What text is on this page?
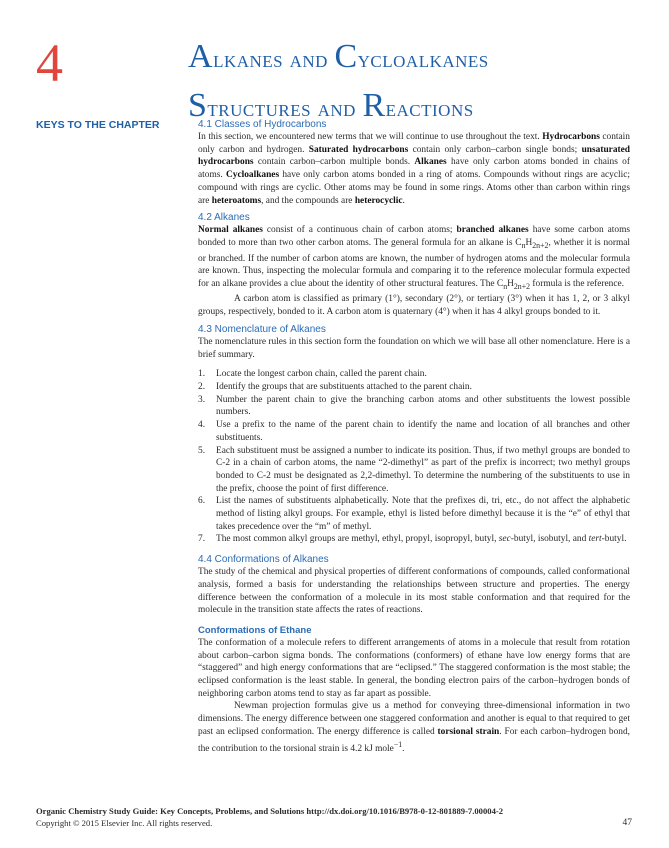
4	Alkanes and Cycloalkanes
Structures and Reactions
KEYS TO THE CHAPTER	4.1 Classes of Hydrocarbons

In this section, we encountered new terms that we will continue to use throughout the text. Hydrocarbons contain only carbon and hydrogen. Saturated hydrocarbons contain only carbon–carbon single bonds; unsaturated hydrocarbons contain carbon–carbon multiple bonds. Alkanes have only carbon atoms bonded in chains of atoms. Cycloalkanes have only carbon atoms bonded in a ring of atoms. Compounds without rings are acyclic; compound with rings are cyclic. Other atoms may be found in some rings. Atoms other than carbon within rings are heteroatoms, and the compounds are heterocyclic.

4.2 Alkanes

Normal alkanes consist of a continuous chain of carbon atoms; branched alkanes have some carbon atoms bonded to more than two other carbon atoms. The general formula for an alkane is $C_nH_{2n+2}$, whether it is normal or branched. If the number of carbon atoms are known, the number of hydrogen atoms and the molecular formula are known. Thus, inspecting the molecular formula and comparing it to the reference molecular formula expected for an alkane provides a clue about the identity of other structural features. The $C_nH_{2n+2}$ formula is the reference.

A carbon atom is classified as primary (1°), secondary (2°), or tertiary (3°) when it has 1, 2, or 3 alkyl groups, respectively, bonded to it. A carbon atom is quaternary (4°) when it has 4 alkyl groups bonded to it.

4.3 Nomenclature of Alkanes

The nomenclature rules in this section form the foundation on which we will base all other nomenclature. Here is a brief summary.

1. Locate the longest carbon chain, called the parent chain.
2. Identify the groups that are substituents attached to the parent chain.
3. Number the parent chain to give the branching carbon atoms and other substituents the lowest possible numbers.
4. Use a prefix to the name of the parent chain to identify the name and location of all branches and other substituents.
5. Each substituent must be assigned a number to indicate its position. Thus, if two methyl groups are bonded to C-2 in a chain of carbon atoms, the name “2-dimethyl” as part of the prefix is incorrect; two methyl groups bonded to C-2 must be designated as 2,2-dimethyl. To determine the numbering of the substituents to use in the prefix, choose the point of first difference.
6. List the names of substituents alphabetically. Note that the prefixes di, tri, etc., do not affect the alphabetic method of listing alkyl groups. For example, ethyl is listed before dimethyl because it is the “e” of ethyl that takes precedence over the “m” of methyl.
7. The most common alkyl groups are methyl, ethyl, propyl, isopropyl, butyl, sec-butyl, isobutyl, and tert-butyl.
4.4 Conformations of Alkanes

The study of the chemical and physical properties of different conformations of compounds, called conformational analysis, formed a basis for understanding the relationships between structure and properties. The energy difference between the conformation of a molecule in its most stable conformation and that required for the molecule in the transition state affects the rates of reactions.

Conformations of Ethane

The conformation of a molecule refers to different arrangements of atoms in a molecule that result from rotation about carbon–carbon sigma bonds. The conformations (conformers) of ethane have low energy forms that are “staggered” and high energy conformations that are “eclipsed.” The staggered conformation is the most stable; the eclipsed conformation is the least stable. In general, the bonding electron pairs of the carbon–hydrogen bonds of neighboring carbon atoms tend to stay as far apart as possible.

Newman projection formulas give us a method for conveying three-dimensional information in two dimensions. The energy difference between one staggered conformation and another is equal to that required to get past an eclipsed conformation. The energy difference is called torsional strain. For each carbon–hydrogen bond, the contribution to the torsional strain is 4.2 kJ mole$^{-1}$.

Organic Chemistry Study Guide: Key Concepts, Problems, and Solutions http://dx.doi.org/10.1016/B978-0-12-801889-7.00004-2
Copyright © 2015 Elsevier Inc. All rights reserved.	47
